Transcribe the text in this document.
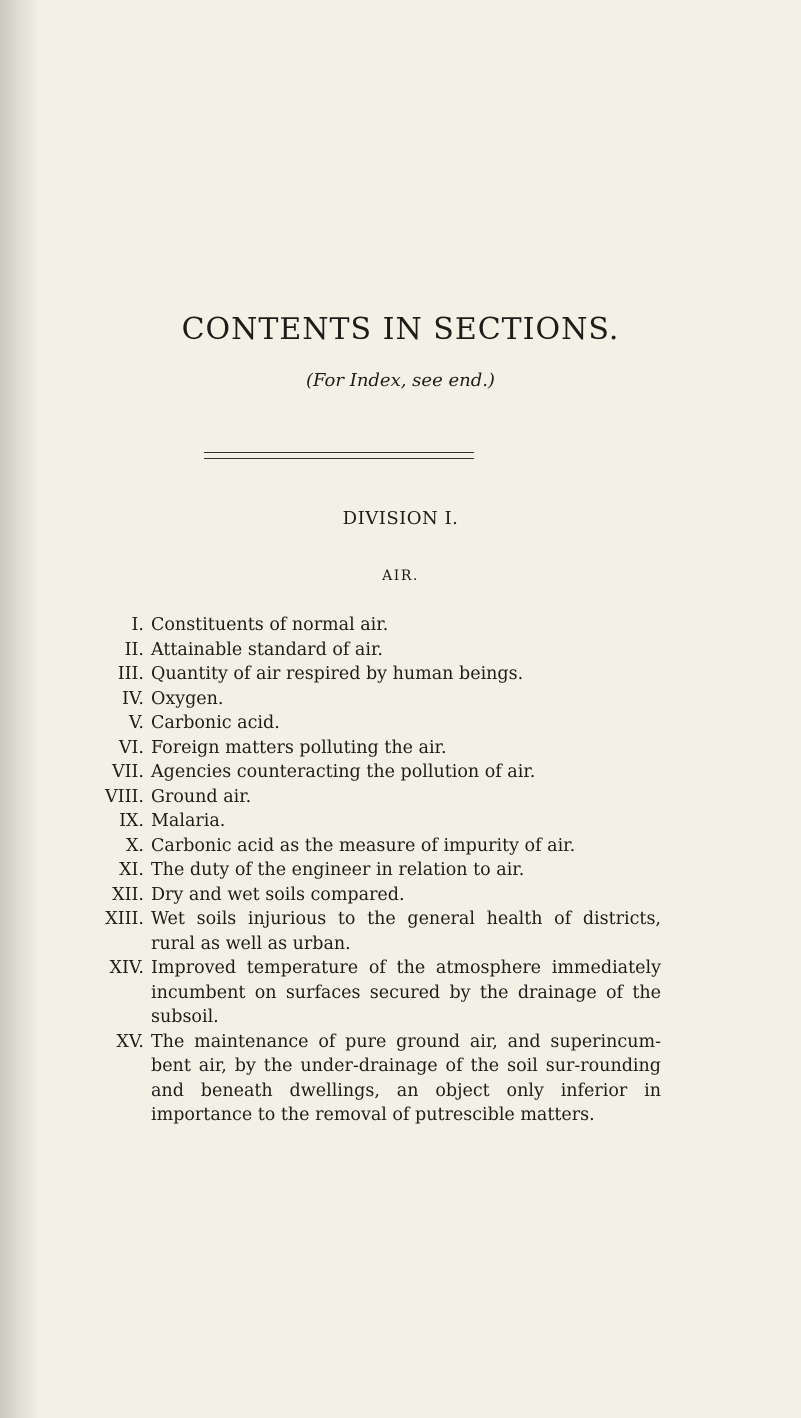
CONTENTS IN SECTIONS.

(For Index, see end.)

DIVISION I.
AIR.
I. Constituents of normal air.
II. Attainable standard of air.
III. Quantity of air respired by human beings.
IV. Oxygen.
V. Carbonic acid.
VI. Foreign matters polluting the air.
VII. Agencies counteracting the pollution of air.
VIII. Ground air.
IX. Malaria.
X. Carbonic acid as the measure of impurity of air.
XI. The duty of the engineer in relation to air.
XII. Dry and wet soils compared.
XIII. Wet soils injurious to the general health of districts, rural as well as urban.
XIV. Improved temperature of the atmosphere immediately incumbent on surfaces secured by the drainage of the subsoil.
XV. The maintenance of pure ground air, and superincum-bent air, by the under-drainage of the soil sur-rounding and beneath dwellings, an object only inferior in importance to the removal of putrescible matters.
